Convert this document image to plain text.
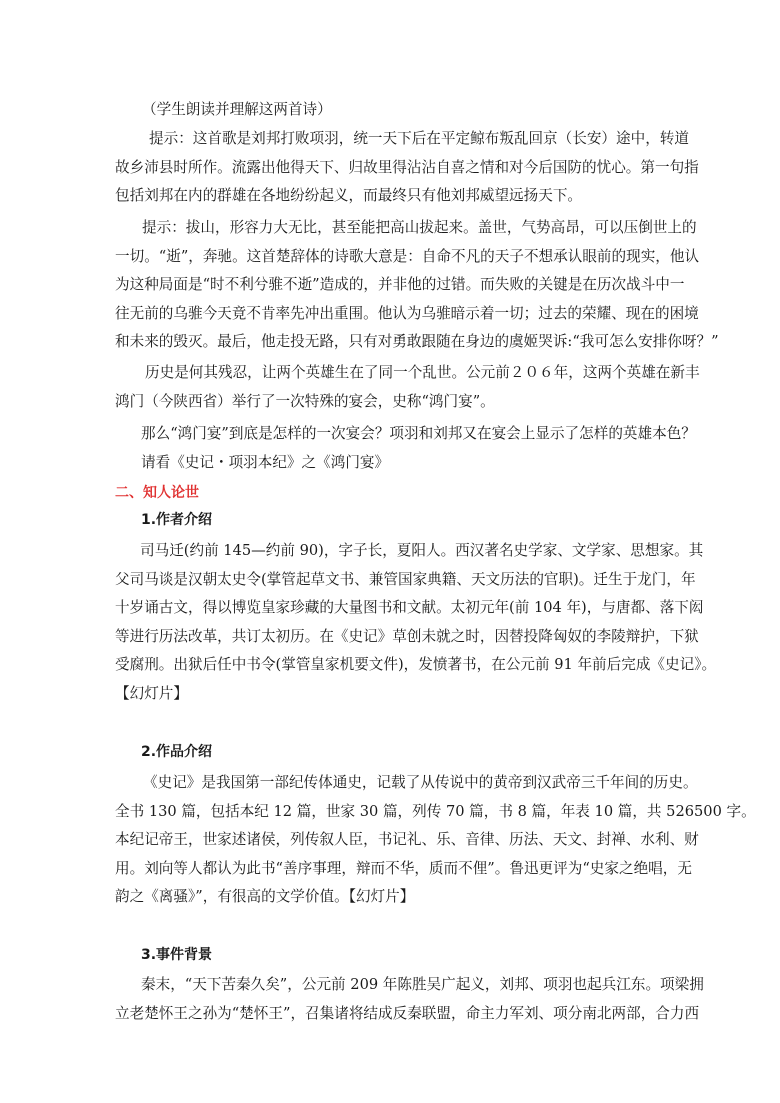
（学生朗读并理解这两首诗）
提示：这首歌是刘邦打败项羽，统一天下后在平定鲸布叛乱回京（长安）途中，转道
故乡沛县时所作。流露出他得天下、归故里得沾沾自喜之情和对今后国防的忧心。第一句指
包括刘邦在内的群雄在各地纷纷起义，而最终只有他刘邦威望远扬天下。
提示：拔山，形容力大无比，甚至能把高山拔起来。盖世，气势高昂，可以压倒世上的
一切。“逝”，奔驰。这首楚辞体的诗歌大意是：自命不凡的天子不想承认眼前的现实，他认
为这种局面是“时不利兮骓不逝”造成的，并非他的过错。而失败的关键是在历次战斗中一
往无前的乌骓今天竟不肯率先冲出重围。他认为乌骓暗示着一切；过去的荣耀、现在的困境
和未来的毁灭。最后，他走投无路，只有对勇敢跟随在身边的虞姬哭诉:“我可怎么安排你呀？”
历史是何其残忍，让两个英雄生在了同一个乱世。公元前２０６年，这两个英雄在新丰
鸿门（今陕西省）举行了一次特殊的宴会，史称“鸿门宴”。
那么“鸿门宴”到底是怎样的一次宴会？项羽和刘邦又在宴会上显示了怎样的英雄本色？
请看《史记・项羽本纪》之《鸿门宴》
二、知人论世
1.作者介绍
司马迁(约前 145—约前 90)，字子长，夏阳人。西汉著名史学家、文学家、思想家。其
父司马谈是汉朝太史令(掌管起草文书、兼管国家典籍、天文历法的官职)。迁生于龙门，年
十岁诵古文，得以博览皇家珍藏的大量图书和文献。太初元年(前 104 年)，与唐都、落下闳
等进行历法改革，共订太初历。在《史记》草创未就之时，因替投降匈奴的李陵辩护，下狱
受腐刑。出狱后任中书令(掌管皇家机要文件)，发愤著书，在公元前 91 年前后完成《史记》。
【幻灯片】
2.作品介绍
《史记》是我国第一部纪传体通史，记载了从传说中的黄帝到汉武帝三千年间的历史。
全书 130 篇，包括本纪 12 篇，世家 30 篇，列传 70 篇，书 8 篇，年表 10 篇，共 526500 字。
本纪记帝王，世家述诸侯，列传叙人臣，书记礼、乐、音律、历法、天文、封禅、水利、财
用。刘向等人都认为此书“善序事理，辩而不华，质而不俚”。鲁迅更评为“史家之绝唱，无
韵之《离骚》”，有很高的文学价值。【幻灯片】
3.事件背景
秦末，“天下苦秦久矣”，公元前 209 年陈胜吴广起义，刘邦、项羽也起兵江东。项梁拥
立老楚怀王之孙为“楚怀王”，召集诸将结成反秦联盟，命主力军刘、项分南北两部，合力西
